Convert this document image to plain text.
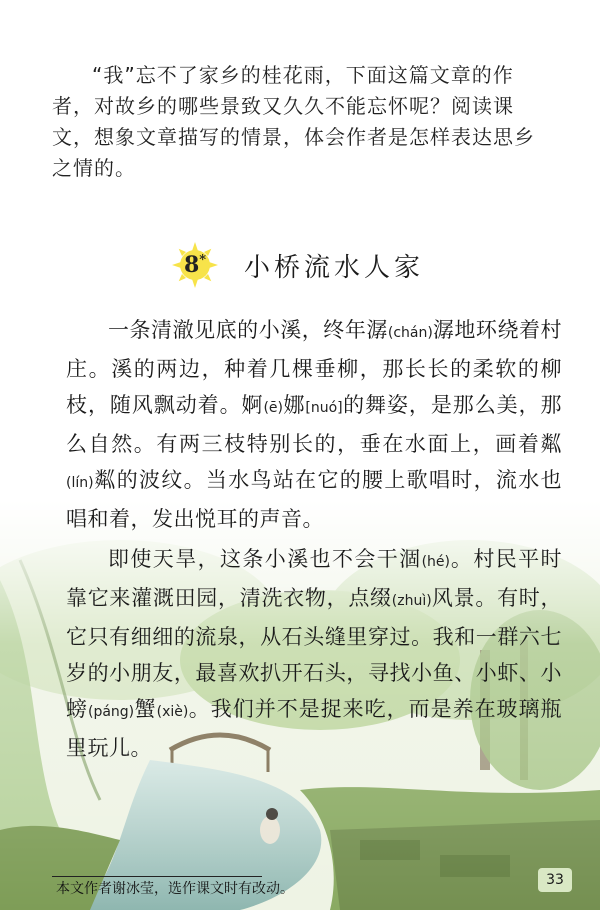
“我”忘不了家乡的桂花雨，下面这篇文章的作者，对故乡的哪些景致又久久不能忘怀呢？阅读课文，想象文章描写的情景，体会作者是怎样表达思乡之情的。

8* 小桥流水人家

一条清澈见底的小溪，终年潺(chán)潺地环绕着村庄。溪的两边，种着几棵垂柳，那长长的柔软的柳枝，随风飘动着。婀(ē)娜[nuó]的舞姿，是那么美，那么自然。有两三枝特别长的，垂在水面上，画着粼(lín)粼的波纹。当水鸟站在它的腰上歌唱时，流水也唱和着，发出悦耳的声音。

即使天旱，这条小溪也不会干涸(hé)。村民平时靠它来灌溉田园，清洗衣物，点缀(zhuì)风景。有时，它只有细细的流泉，从石头缝里穿过。我和一群六七岁的小朋友，最喜欢扒开石头，寻找小鱼、小虾、小螃(páng)蟹(xiè)。我们并不是捉来吃，而是养在玻璃瓶里玩儿。

本文作者谢冰莹，选作课文时有改动。
33
